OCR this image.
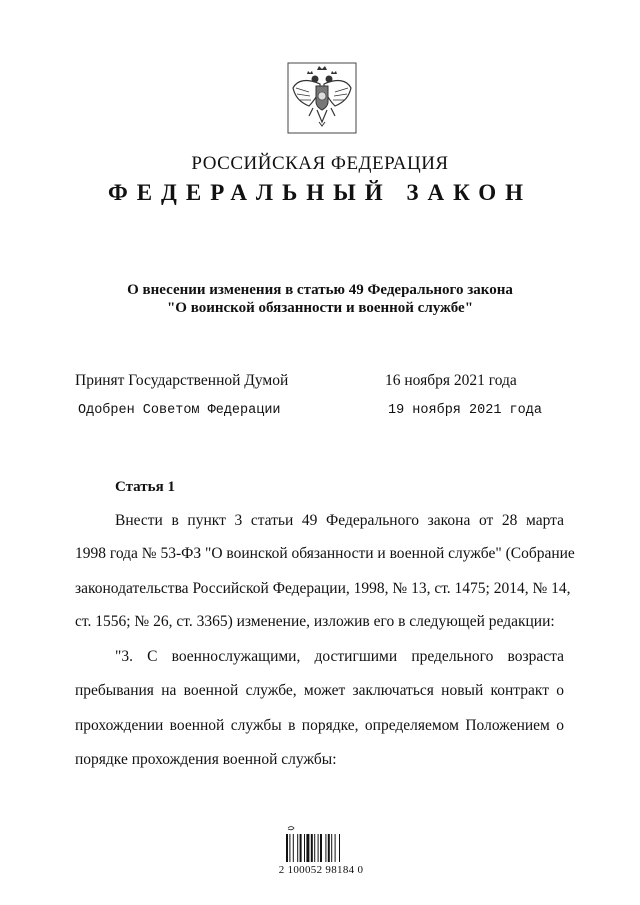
РОССИЙСКАЯ ФЕДЕРАЦИЯ
ФЕДЕРАЛЬНЫЙ ЗАКОН
О внесении изменения в статью 49 Федерального закона
"О воинской обязанности и военной службе"
Принят Государственной Думой	16 ноября 2021 года
Одобрен Советом Федерации	19 ноября 2021 года
Статья 1
Внести в пункт 3 статьи 49 Федерального закона от 28 марта
1998 года № 53-ФЗ "О воинской обязанности и военной службе" (Собрание
законодательства Российской Федерации, 1998, № 13, ст. 1475; 2014, № 14,
ст. 1556; № 26, ст. 3365) изменение, изложив его в следующей редакции:
"3. С военнослужащими, достигшими предельного возраста
пребывания на военной службе, может заключаться новый контракт о
прохождении военной службы в порядке, определяемом Положением о
порядке прохождения военной службы:
2 100052 98184 0
